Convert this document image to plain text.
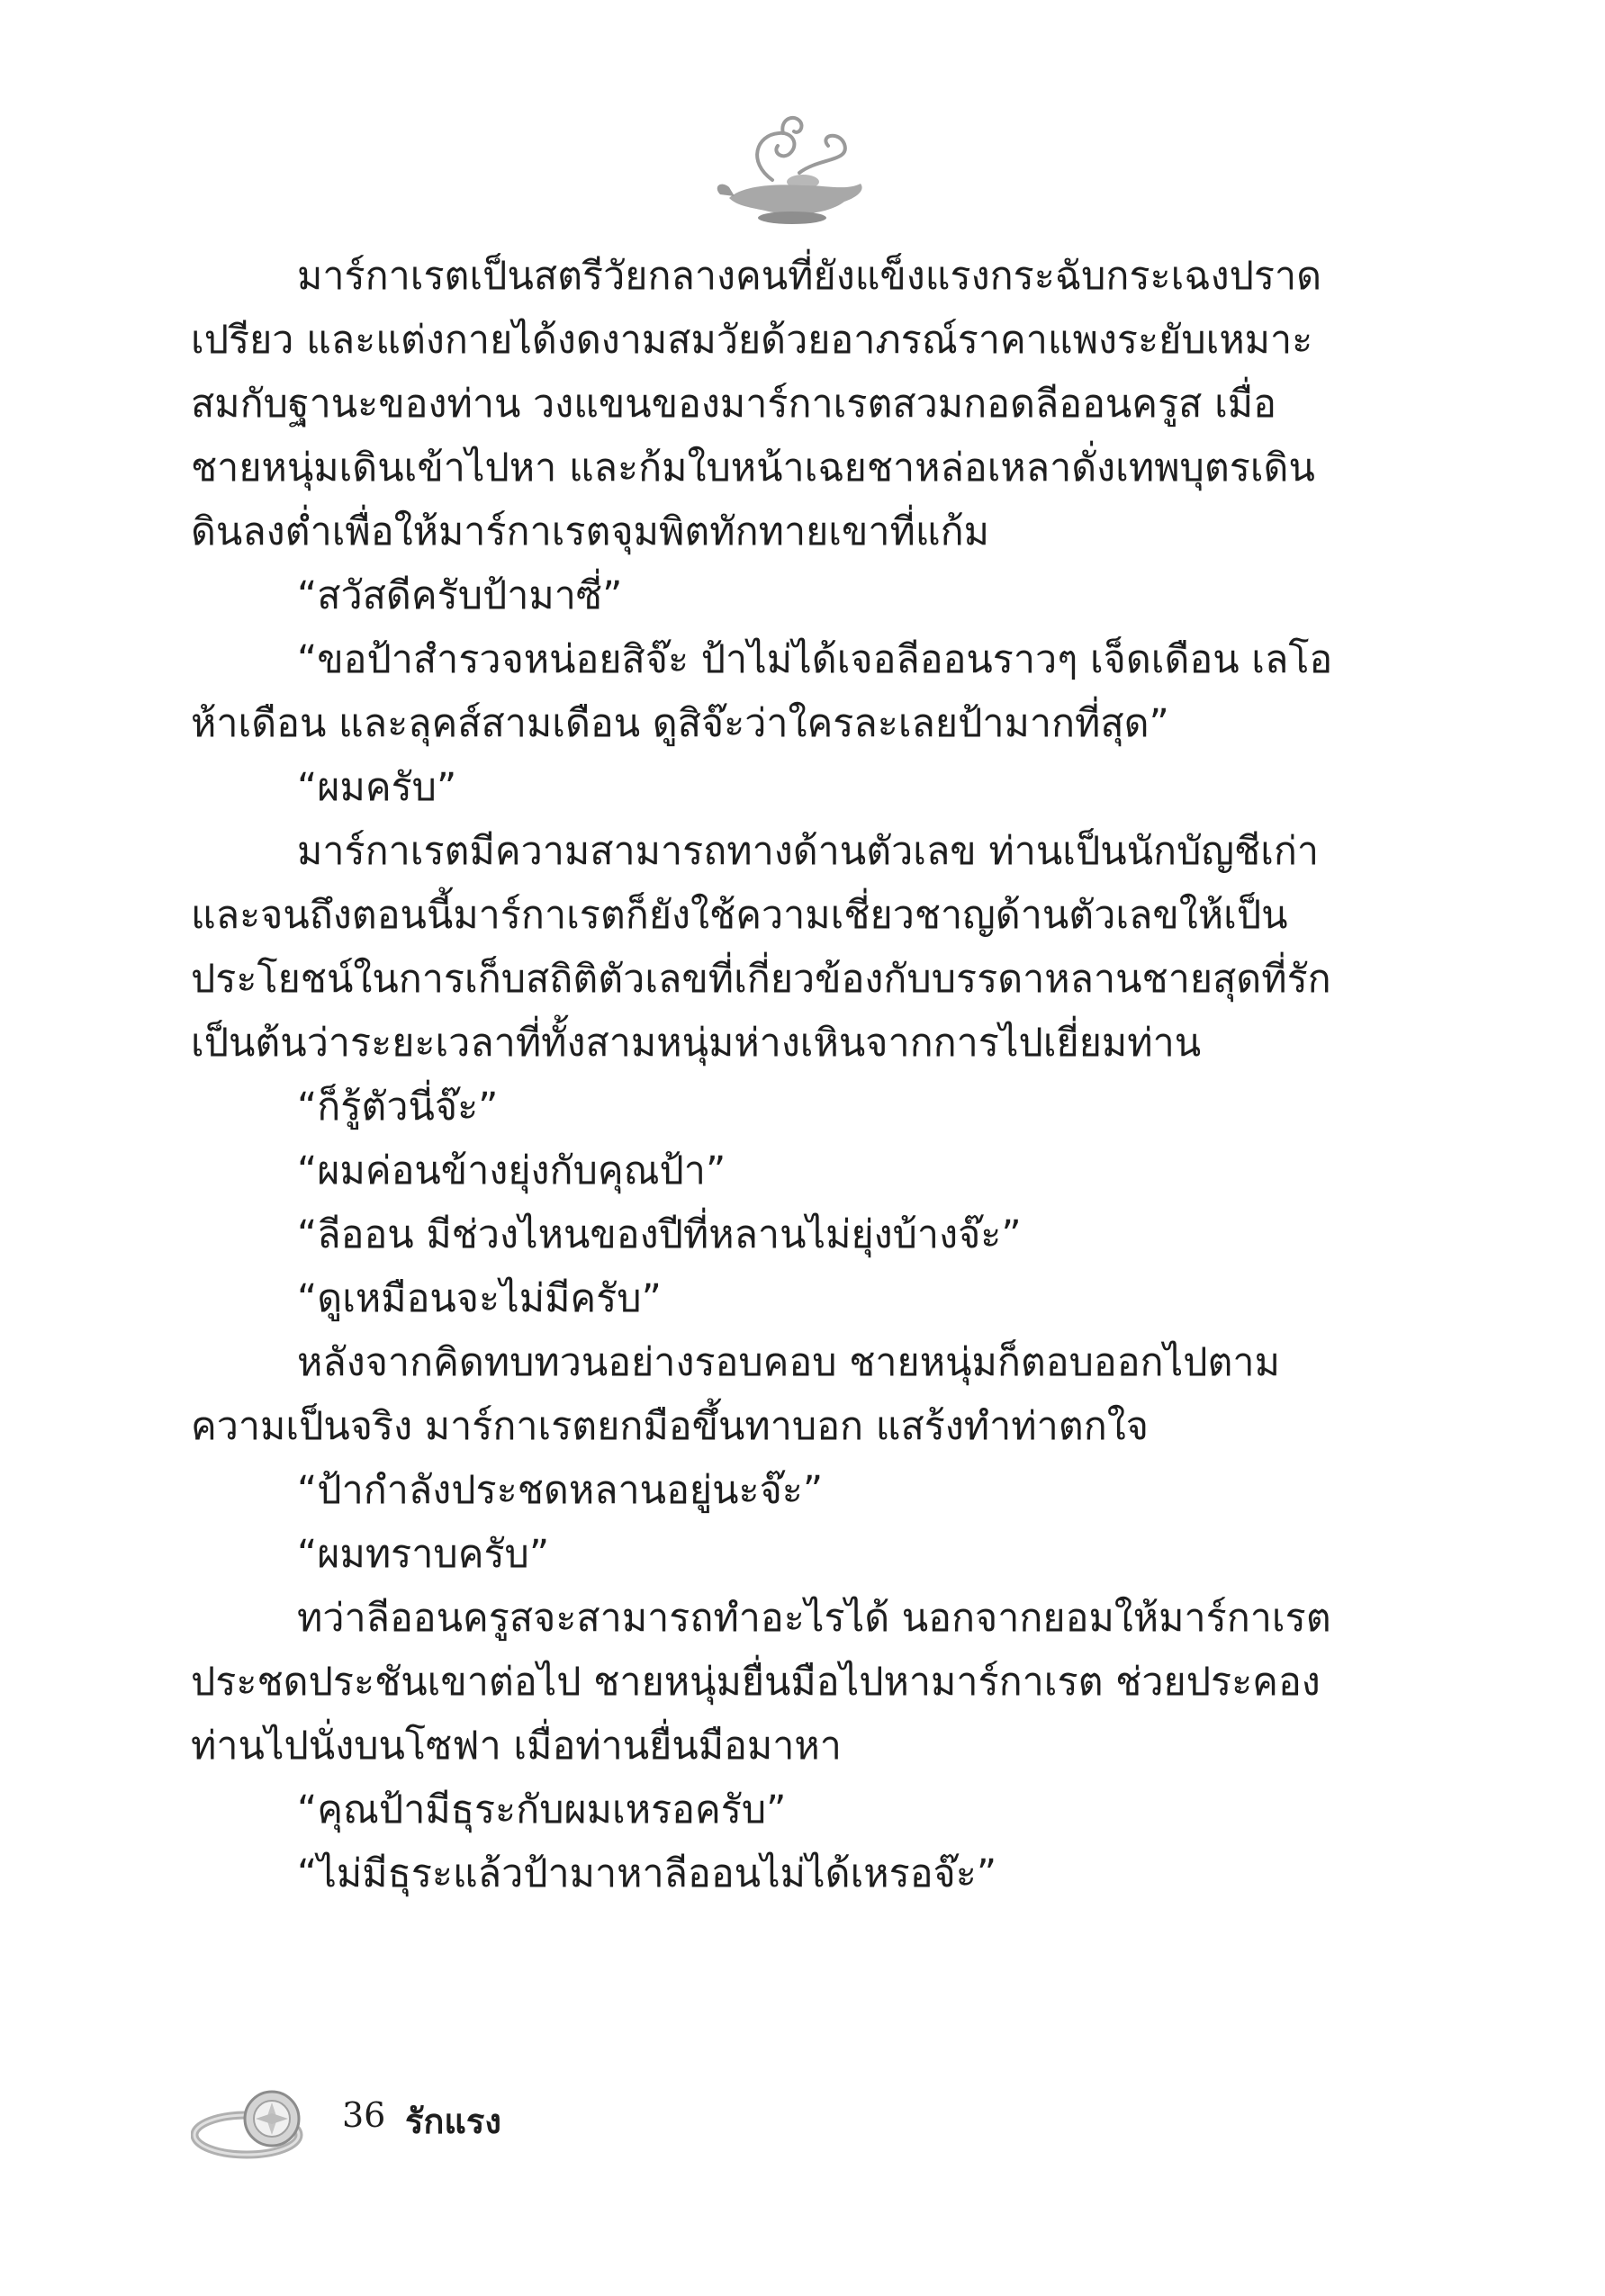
มาร์กาเรตเป็นสตรีวัยกลางคนที่ยังแข็งแรงกระฉับกระเฉงปราดเปรียว และแต่งกายได้งดงามสมวัยด้วยอาภรณ์ราคาแพงระยับเหมาะสมกับฐานะของท่าน วงแขนของมาร์กาเรตสวมกอดลีออนครูส เมื่อชายหนุ่มเดินเข้าไปหา และก้มใบหน้าเฉยชาหล่อเหลาดั่งเทพบุตรเดินดินลงต่ำเพื่อให้มาร์กาเรตจุมพิตทักทายเขาที่แก้ม

“สวัสดีครับป้ามาซี่”

“ขอป้าสำรวจหน่อยสิจ๊ะ ป้าไม่ได้เจอลีออนราวๆ เจ็ดเดือน เลโอห้าเดือน และลุคส์สามเดือน ดูสิจ๊ะว่าใครละเลยป้ามากที่สุด”

“ผมครับ”

มาร์กาเรตมีความสามารถทางด้านตัวเลข ท่านเป็นนักบัญชีเก่า และจนถึงตอนนี้มาร์กาเรตก็ยังใช้ความเชี่ยวชาญด้านตัวเลขให้เป็นประโยชน์ในการเก็บสถิติตัวเลขที่เกี่ยวข้องกับบรรดาหลานชายสุดที่รัก เป็นต้นว่าระยะเวลาที่ทั้งสามหนุ่มห่างเหินจากการไปเยี่ยมท่าน

“ก็รู้ตัวนี่จ๊ะ”

“ผมค่อนข้างยุ่งกับคุณป้า”

“ลีออน มีช่วงไหนของปีที่หลานไม่ยุ่งบ้างจ๊ะ”

“ดูเหมือนจะไม่มีครับ”

หลังจากคิดทบทวนอย่างรอบคอบ ชายหนุ่มก็ตอบออกไปตามความเป็นจริง มาร์กาเรตยกมือขึ้นทาบอก แสร้งทำท่าตกใจ

“ป้ากำลังประชดหลานอยู่นะจ๊ะ”

“ผมทราบครับ”

ทว่าลีออนครูสจะสามารถทำอะไรได้ นอกจากยอมให้มาร์กาเรตประชดประชันเขาต่อไป ชายหนุ่มยื่นมือไปหามาร์กาเรต ช่วยประคองท่านไปนั่งบนโซฟา เมื่อท่านยื่นมือมาหา

“คุณป้ามีธุระกับผมเหรอครับ”

“ไม่มีธุระแล้วป้ามาหาลีออนไม่ได้เหรอจ๊ะ”

36 รักแรง
